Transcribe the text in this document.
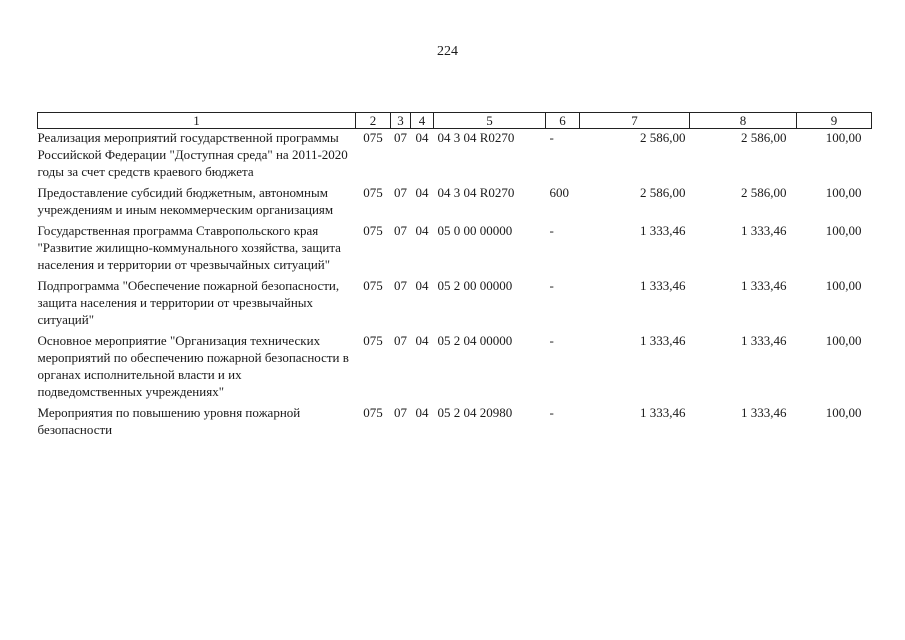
224
1	2	3	4	5	6	7	8	9
Реализация мероприятий государственной программы Российской Федерации "Доступная среда" на 2011-2020 годы за счет средств краевого бюджета	075	07	04	04 3 04 R0270	-	2 586,00	2 586,00	100,00
Предоставление субсидий бюджетным, автономным учреждениям и иным некоммерческим организациям	075	07	04	04 3 04 R0270	600	2 586,00	2 586,00	100,00
Государственная программа Ставропольского края "Развитие жилищно-коммунального хозяйства, защита населения и территории от чрезвычайных ситуаций"	075	07	04	05 0 00 00000	-	1 333,46	1 333,46	100,00
Подпрограмма "Обеспечение пожарной безопасности, защита населения и территории от чрезвычайных ситуаций"	075	07	04	05 2 00 00000	-	1 333,46	1 333,46	100,00
Основное мероприятие "Организация технических мероприятий по обеспечению пожарной безопасности в органах исполнительной власти и их подведомственных учреждениях"	075	07	04	05 2 04 00000	-	1 333,46	1 333,46	100,00
Мероприятия по повышению уровня пожарной безопасности	075	07	04	05 2 04 20980	-	1 333,46	1 333,46	100,00
